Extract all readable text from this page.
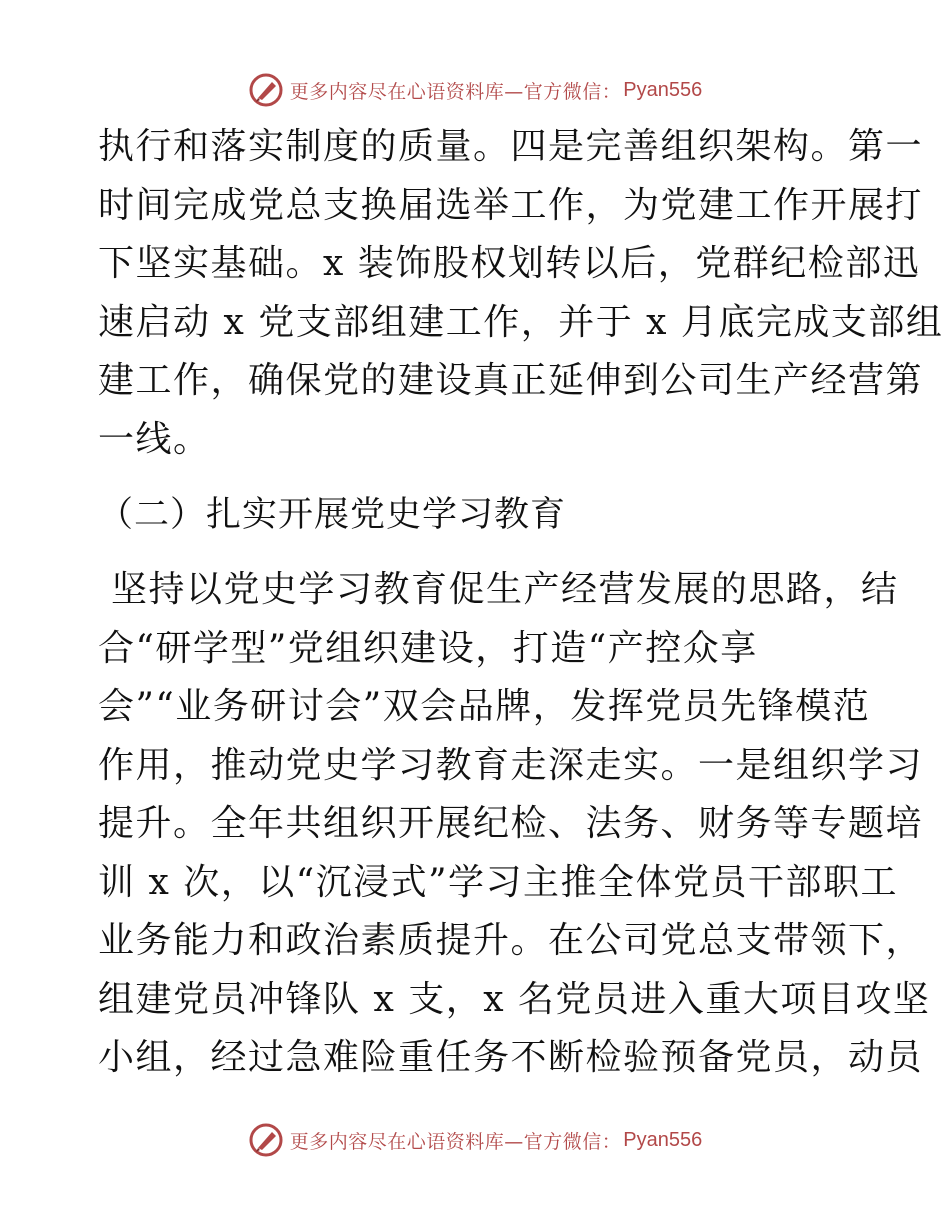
更多内容尽在心语资料库—官方微信： Pyan556
执行和落实制度的质量。四是完善组织架构。第一
时间完成党总支换届选举工作，为党建工作开展打
下坚实基础。x 装饰股权划转以后，党群纪检部迅
速启动 x 党支部组建工作，并于 x 月底完成支部组
建工作，确保党的建设真正延伸到公司生产经营第
一线。
（二）扎实开展党史学习教育
坚持以党史学习教育促生产经营发展的思路，结
合“研学型”党组织建设，打造“产控众享
会”“业务研讨会”双会品牌，发挥党员先锋模范
作用，推动党史学习教育走深走实。一是组织学习
提升。全年共组织开展纪检、法务、财务等专题培
训 x 次，以“沉浸式”学习主推全体党员干部职工
业务能力和政治素质提升。在公司党总支带领下，
组建党员冲锋队 x 支，x 名党员进入重大项目攻坚
小组，经过急难险重任务不断检验预备党员，动员
更多内容尽在心语资料库—官方微信： Pyan556
